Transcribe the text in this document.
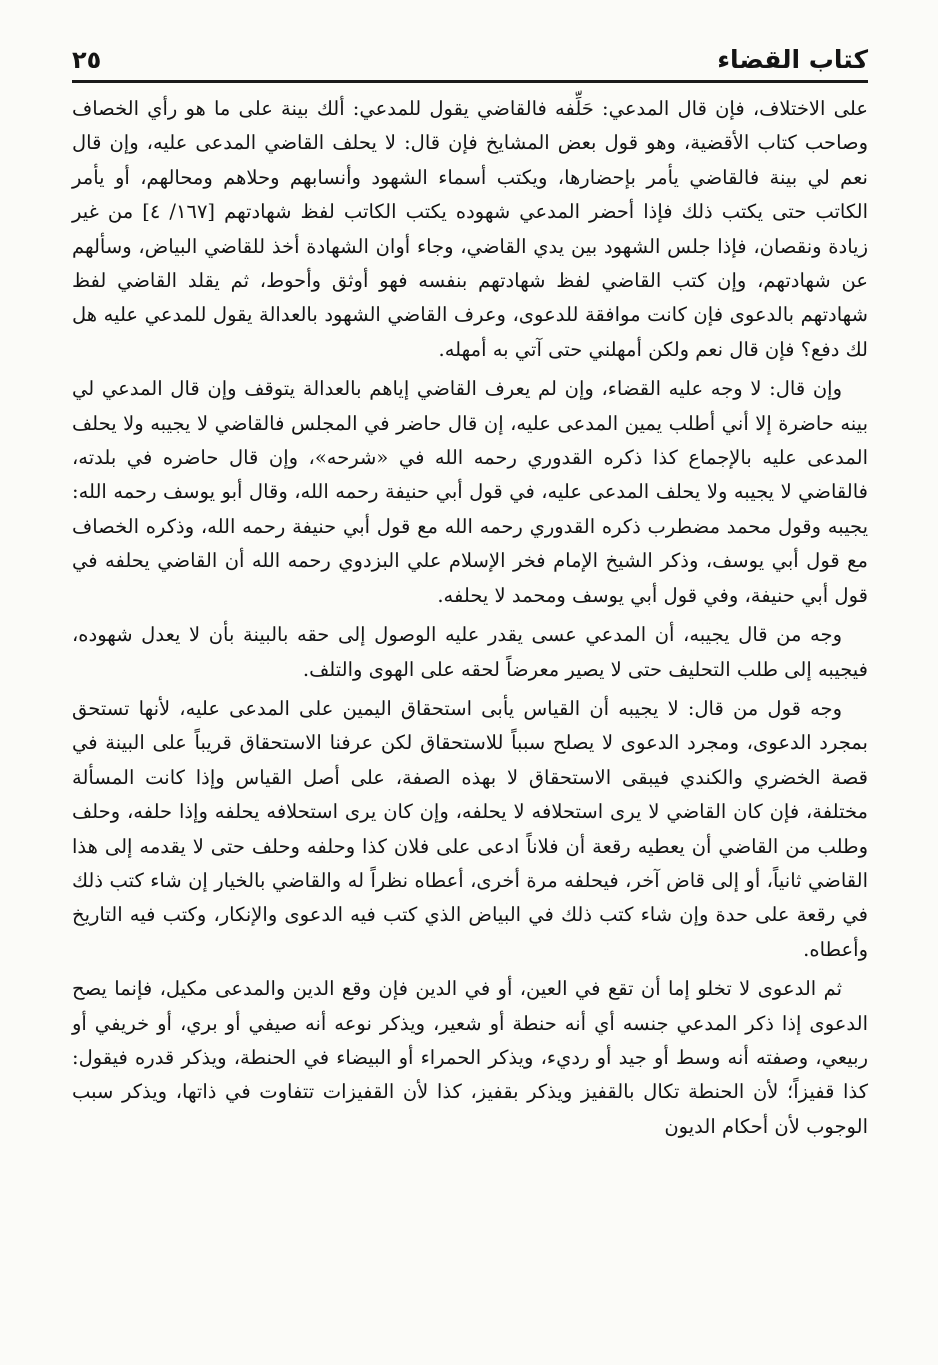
كتاب القضاء
٢٥

على الاختلاف، فإن قال المدعي: حَلِّفه فالقاضي يقول للمدعي: ألك بينة على ما هو رأي الخصاف وصاحب كتاب الأقضية، وهو قول بعض المشايخ فإن قال: لا يحلف القاضي المدعى عليه، وإن قال نعم لي بينة فالقاضي يأمر بإحضارها، ويكتب أسماء الشهود وأنسابهم وحلاهم ومحالهم، أو يأمر الكاتب حتى يكتب ذلك فإذا أحضر المدعي شهوده يكتب الكاتب لفظ شهادتهم [١٦٧/ ٤] من غير زيادة ونقصان، فإذا جلس الشهود بين يدي القاضي، وجاء أوان الشهادة أخذ للقاضي البياض، وسألهم عن شهادتهم، وإن كتب القاضي لفظ شهادتهم بنفسه فهو أوثق وأحوط، ثم يقلد القاضي لفظ شهادتهم بالدعوى فإن كانت موافقة للدعوى، وعرف القاضي الشهود بالعدالة يقول للمدعي عليه هل لك دفع؟ فإن قال نعم ولكن أمهلني حتى آتي به أمهله.

وإن قال: لا وجه عليه القضاء، وإن لم يعرف القاضي إياهم بالعدالة يتوقف وإن قال المدعي لي بينه حاضرة إلا أني أطلب يمين المدعى عليه، إن قال حاضر في المجلس فالقاضي لا يجيبه ولا يحلف المدعى عليه بالإجماع كذا ذكره القدوري رحمه الله في «شرحه»، وإن قال حاضره في بلدته، فالقاضي لا يجيبه ولا يحلف المدعى عليه، في قول أبي حنيفة رحمه الله، وقال أبو يوسف رحمه الله: يجيبه وقول محمد مضطرب ذكره القدوري رحمه الله مع قول أبي حنيفة رحمه الله، وذكره الخصاف مع قول أبي يوسف، وذكر الشيخ الإمام فخر الإسلام علي البزدوي رحمه الله أن القاضي يحلفه في قول أبي حنيفة، وفي قول أبي يوسف ومحمد لا يحلفه.

وجه من قال يجيبه، أن المدعي عسى يقدر عليه الوصول إلى حقه بالبينة بأن لا يعدل شهوده، فيجيبه إلى طلب التحليف حتى لا يصير معرضاً لحقه على الهوى والتلف.

وجه قول من قال: لا يجيبه أن القياس يأبى استحقاق اليمين على المدعى عليه، لأنها تستحق بمجرد الدعوى، ومجرد الدعوى لا يصلح سبباً للاستحقاق لكن عرفنا الاستحقاق قريباً على البينة في قصة الخضري والكندي فيبقى الاستحقاق لا بهذه الصفة، على أصل القياس وإذا كانت المسألة مختلفة، فإن كان القاضي لا يرى استحلافه لا يحلفه، وإن كان يرى استحلافه يحلفه وإذا حلفه، وحلف وطلب من القاضي أن يعطيه رقعة أن فلاناً ادعى على فلان كذا وحلفه وحلف حتى لا يقدمه إلى هذا القاضي ثانياً، أو إلى قاض آخر، فيحلفه مرة أخرى، أعطاه نظراً له والقاضي بالخيار إن شاء كتب ذلك في رقعة على حدة وإن شاء كتب ذلك في البياض الذي كتب فيه الدعوى والإنكار، وكتب فيه التاريخ وأعطاه.

ثم الدعوى لا تخلو إما أن تقع في العين، أو في الدين فإن وقع الدين والمدعى مكيل، فإنما يصح الدعوى إذا ذكر المدعي جنسه أي أنه حنطة أو شعير، ويذكر نوعه أنه صيفي أو بري، أو خريفي أو ربيعي، وصفته أنه وسط أو جيد أو رديء، ويذكر الحمراء أو البيضاء في الحنطة، ويذكر قدره فيقول: كذا قفيزاً؛ لأن الحنطة تكال بالقفيز ويذكر بقفيز، كذا لأن القفيزات تتفاوت في ذاتها، ويذكر سبب الوجوب لأن أحكام الديون
